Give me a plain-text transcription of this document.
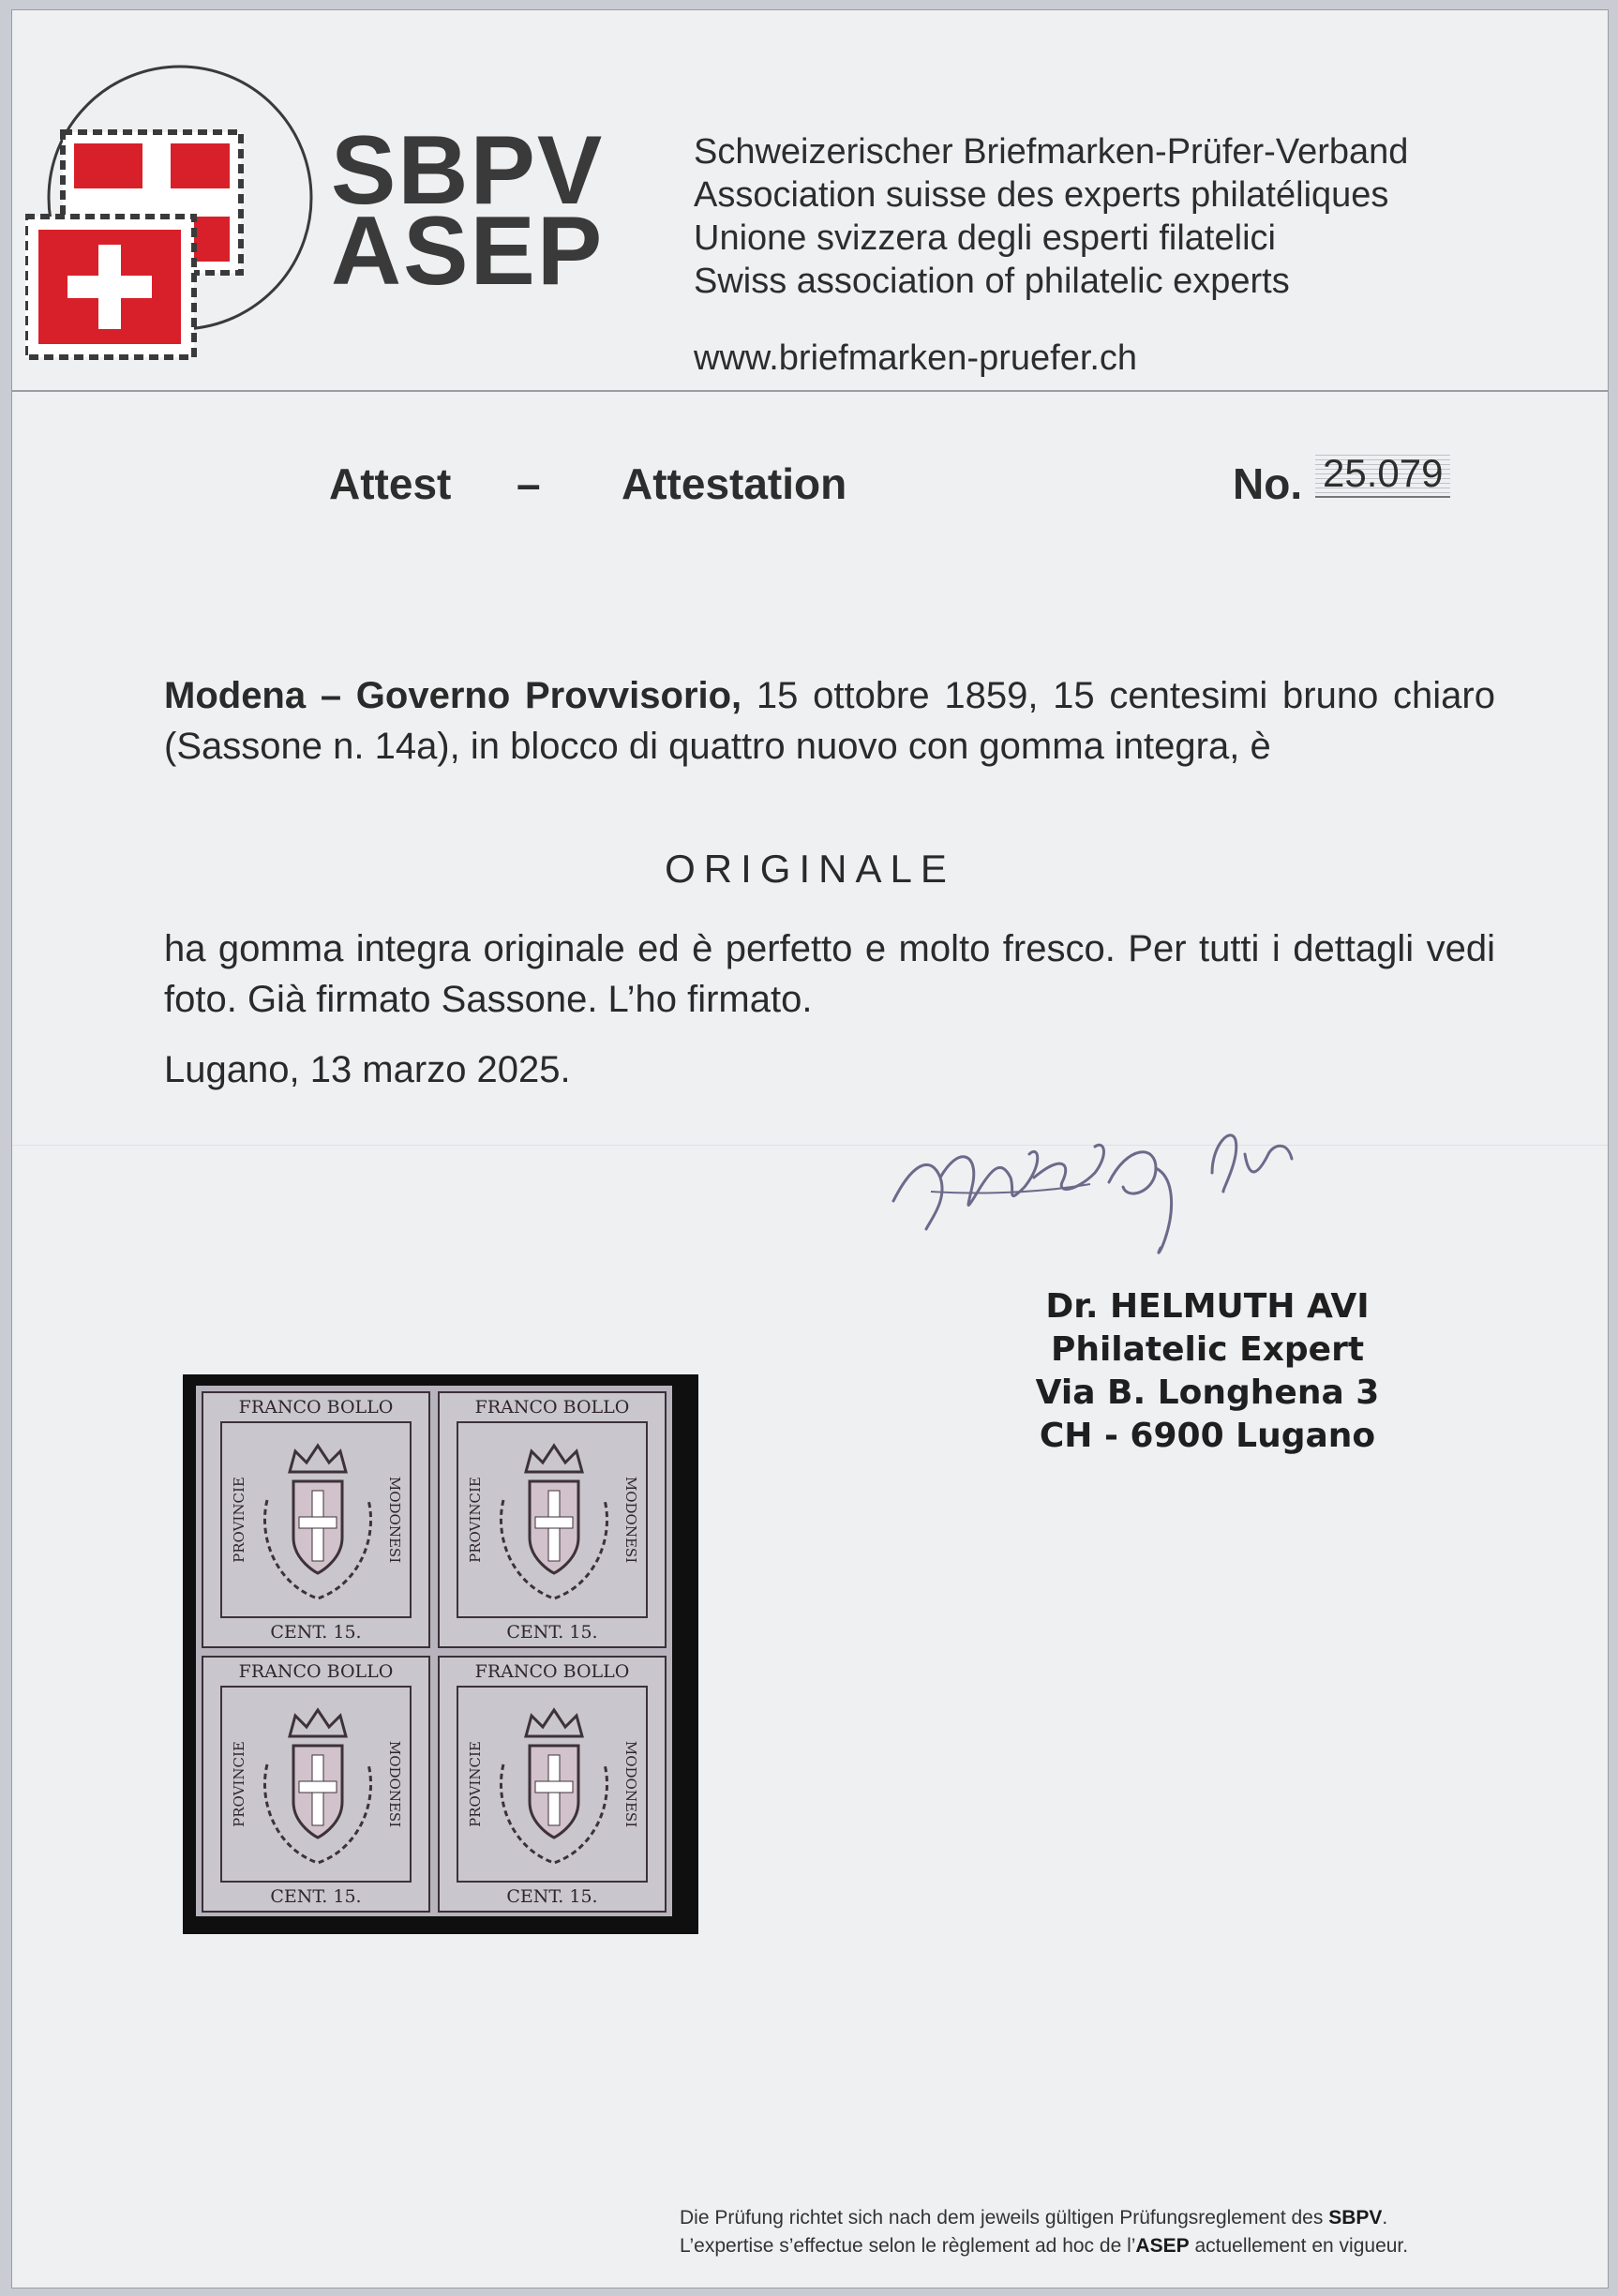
SBPV
ASEP
Schweizerischer Briefmarken-Prüfer-Verband
Association suisse des experts philatéliques
Unione svizzera degli esperti filatelici
Swiss association of philatelic experts
www.briefmarken-pruefer.ch
Attest – Attestation	No. 25.079
Modena – Governo Provvisorio, 15 ottobre 1859, 15 centesimi bruno chiaro (Sassone n. 14a), in blocco di quattro nuovo con gomma integra, è
ORIGINALE
ha gomma integra originale ed è perfetto e molto fresco. Per tutti i dettagli vedi foto. Già firmato Sassone. L’ho firmato.
Lugano, 13 marzo 2025.
Dr. HELMUTH AVI
Philatelic Expert
Via B. Longhena 3
CH - 6900 Lugano
FRANCO BOLLO
PROVINCIE	MODONESI
CENT. 15.
FRANCO BOLLO
PROVINCIE	MODONESI
CENT. 15.
FRANCO BOLLO
PROVINCIE	MODONESI
CENT. 15.
FRANCO BOLLO
PROVINCIE	MODONESI
CENT. 15.
Die Prüfung richtet sich nach dem jeweils gültigen Prüfungsreglement des SBPV.
L’expertise s’effectue selon le règlement ad hoc de l’ASEP actuellement en vigueur.
